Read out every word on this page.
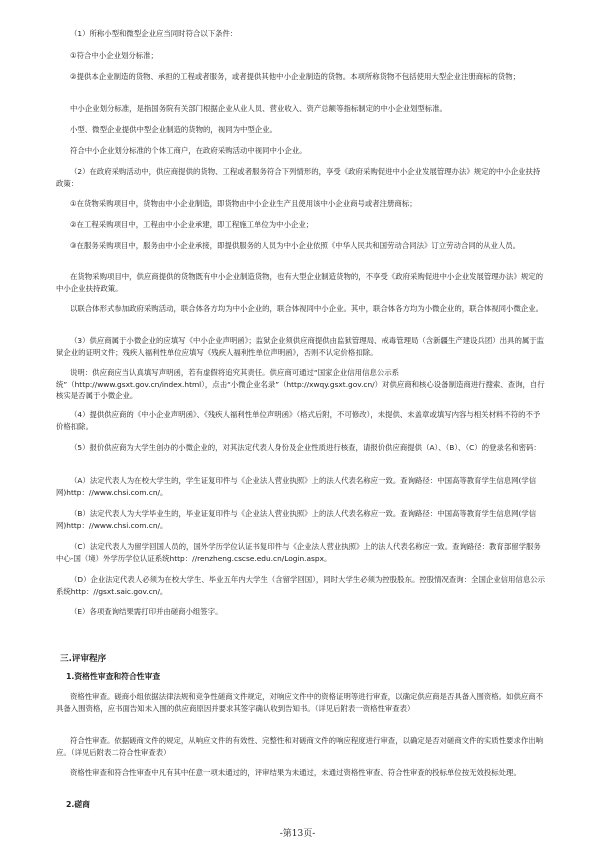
（1）所称小型和微型企业应当同时符合以下条件：

①符合中小企业划分标准；

②提供本企业制造的货物、承担的工程或者服务，或者提供其他中小企业制造的货物。本项所称货物不包括使用大型企业注册商标的货物；

中小企业划分标准，是指国务院有关部门根据企业从业人员、营业收入、资产总额等指标制定的中小企业划型标准。

小型、微型企业提供中型企业制造的货物的，视同为中型企业。

符合中小企业划分标准的个体工商户，在政府采购活动中视同中小企业。

（2）在政府采购活动中，供应商提供的货物、工程或者服务符合下列情形的，享受《政府采购促进中小企业发展管理办法》规定的中小企业扶持政策：

①在货物采购项目中，货物由中小企业制造，即货物由中小企业生产且使用该中小企业商号或者注册商标；

②在工程采购项目中，工程由中小企业承建，即工程施工单位为中小企业；

③在服务采购项目中，服务由中小企业承接，即提供服务的人员为中小企业依照《中华人民共和国劳动合同法》订立劳动合同的从业人员。

在货物采购项目中，供应商提供的货物既有中小企业制造货物，也有大型企业制造货物的，不享受《政府采购促进中小企业发展管理办法》规定的中小企业扶持政策。

以联合体形式参加政府采购活动，联合体各方均为中小企业的，联合体视同中小企业。其中，联合体各方均为小微企业的，联合体视同小微企业。

（3）供应商属于小微企业的应填写《中小企业声明函》；监狱企业须供应商提供由监狱管理局、戒毒管理局（含新疆生产建设兵团）出具的属于监狱企业的证明文件；残疾人福利性单位应填写《残疾人福利性单位声明函》，否则不认定价格扣除。

说明：供应商应当认真填写声明函，若有虚假将追究其责任。供应商可通过“国家企业信用信息公示系统”（http://www.gsxt.gov.cn/index.html），点击“小微企业名录”（http://xwqy.gsxt.gov.cn/）对供应商和核心设备制造商进行搜索、查询，自行核实是否属于小微企业。

（4）提供供应商的《中小企业声明函》、《残疾人福利性单位声明函》（格式后附，不可修改），未提供、未盖章或填写内容与相关材料不符的不予价格扣除。

（5）报价供应商为大学生创办的小微企业的，对其法定代表人身份及企业性质进行核查，请报价供应商提供（A）、（B）、（C）的登录名和密码：

（A）法定代表人为在校大学生的，学生证复印件与《企业法人营业执照》上的法人代表名称应一致。查询路径：中国高等教育学生信息网(学信网)http：//www.chsi.com.cn/。

（B）法定代表人为大学毕业生的，毕业证复印件与《企业法人营业执照》上的法人代表名称应一致。查询路径：中国高等教育学生信息网(学信网)http：//www.chsi.com.cn/。

（C）法定代表人为留学回国人员的，国外学历学位认证书复印件与《企业法人营业执照》上的法人代表名称应一致。查询路径：教育部留学服务中心-国（境）外学历学位认证系统http：//renzheng.cscse.edu.cn/Login.aspx。

（D）企业法定代表人必须为在校大学生、毕业五年内大学生（含留学回国），同时大学生必须为控股股东。控股情况查询：全国企业信用信息公示系统http：//gsxt.saic.gov.cn/。

（E）各项查询结果需打印并由磋商小组签字。

三.评审程序

1.资格性审查和符合性审查

资格性审查。磋商小组依据法律法规和竞争性磋商文件规定，对响应文件中的资格证明等进行审查，以确定供应商是否具备入围资格。如供应商不具备入围资格，应书面告知未入围的供应商原因并要求其签字确认收到告知书。（详见后附表一资格性审查表）

符合性审查。依据磋商文件的规定，从响应文件的有效性、完整性和对磋商文件的响应程度进行审查，以确定是否对磋商文件的实质性要求作出响应。（详见后附表二符合性审查表）

资格性审查和符合性审查中凡有其中任意一项未通过的，评审结果为未通过，未通过资格性审查、符合性审查的投标单位按无效投标处理。

2.磋商

-第13页-
